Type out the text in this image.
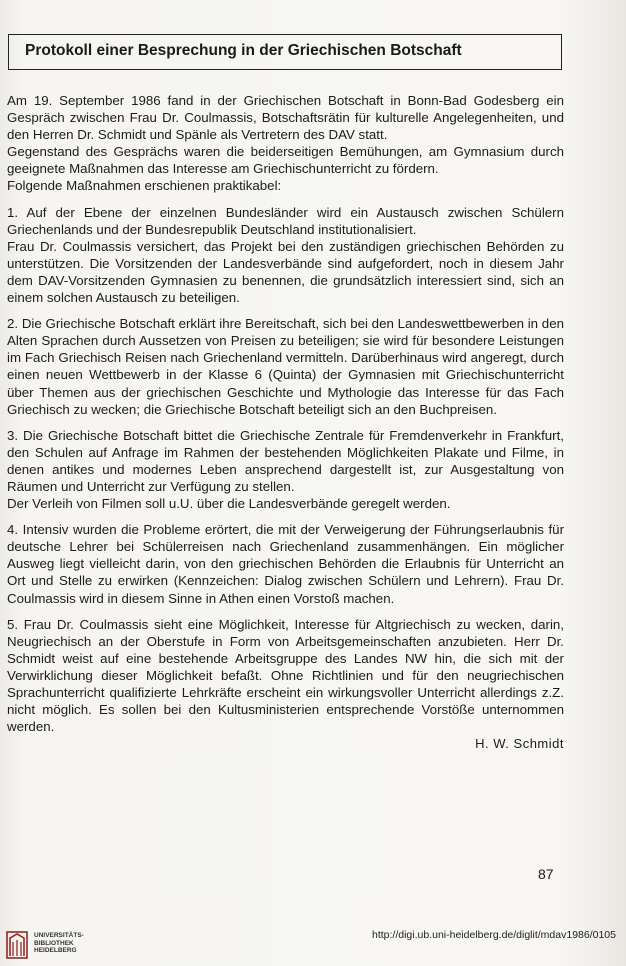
Protokoll einer Besprechung in der Griechischen Botschaft

Am 19. September 1986 fand in der Griechischen Botschaft in Bonn-Bad Godesberg ein Gespräch zwischen Frau Dr. Coulmassis, Botschaftsrätin für kulturelle Angelegenheiten, und den Herren Dr. Schmidt und Spänle als Vertretern des DAV statt.

Gegenstand des Gesprächs waren die beiderseitigen Bemühungen, am Gymnasium durch geeignete Maßnahmen das Interesse am Griechischunterricht zu fördern.

Folgende Maßnahmen erschienen praktikabel:

1. Auf der Ebene der einzelnen Bundesländer wird ein Austausch zwischen Schülern Griechenlands und der Bundesrepublik Deutschland institutionalisiert.

Frau Dr. Coulmassis versichert, das Projekt bei den zuständigen griechischen Behörden zu unterstützen. Die Vorsitzenden der Landesverbände sind aufgefordert, noch in diesem Jahr dem DAV-Vorsitzenden Gymnasien zu benennen, die grundsätzlich interessiert sind, sich an einem solchen Austausch zu beteiligen.

2. Die Griechische Botschaft erklärt ihre Bereitschaft, sich bei den Landeswettbewerben in den Alten Sprachen durch Aussetzen von Preisen zu beteiligen; sie wird für besondere Leistungen im Fach Griechisch Reisen nach Griechenland vermitteln. Darüberhinaus wird angeregt, durch einen neuen Wettbewerb in der Klasse 6 (Quinta) der Gymnasien mit Griechischunterricht über Themen aus der griechischen Geschichte und Mythologie das Interesse für das Fach Griechisch zu wecken; die Griechische Botschaft beteiligt sich an den Buchpreisen.

3. Die Griechische Botschaft bittet die Griechische Zentrale für Fremdenverkehr in Frankfurt, den Schulen auf Anfrage im Rahmen der bestehenden Möglichkeiten Plakate und Filme, in denen antikes und modernes Leben ansprechend dargestellt ist, zur Ausgestaltung von Räumen und Unterricht zur Verfügung zu stellen.

Der Verleih von Filmen soll u.U. über die Landesverbände geregelt werden.

4. Intensiv wurden die Probleme erörtert, die mit der Verweigerung der Führungserlaubnis für deutsche Lehrer bei Schülerreisen nach Griechenland zusammenhängen. Ein möglicher Ausweg liegt vielleicht darin, von den griechischen Behörden die Erlaubnis für Unterricht an Ort und Stelle zu erwirken (Kennzeichen: Dialog zwischen Schülern und Lehrern). Frau Dr. Coulmassis wird in diesem Sinne in Athen einen Vorstoß machen.

5. Frau Dr. Coulmassis sieht eine Möglichkeit, Interesse für Altgriechisch zu wecken, darin, Neugriechisch an der Oberstufe in Form von Arbeitsgemeinschaften anzubieten. Herr Dr. Schmidt weist auf eine bestehende Arbeitsgruppe des Landes NW hin, die sich mit der Verwirklichung dieser Möglichkeit befaßt. Ohne Richtlinien und für den neugriechischen Sprachunterricht qualifizierte Lehrkräfte erscheint ein wirkungsvoller Unterricht allerdings z.Z. nicht möglich. Es sollen bei den Kultusministerien entsprechende Vorstöße unternommen werden.

H. W. Schmidt

87
UNIVERSITÄTS-
BIBLIOTHEK
HEIDELBERG
http://digi.ub.uni-heidelberg.de/diglit/mdav1986/0105
